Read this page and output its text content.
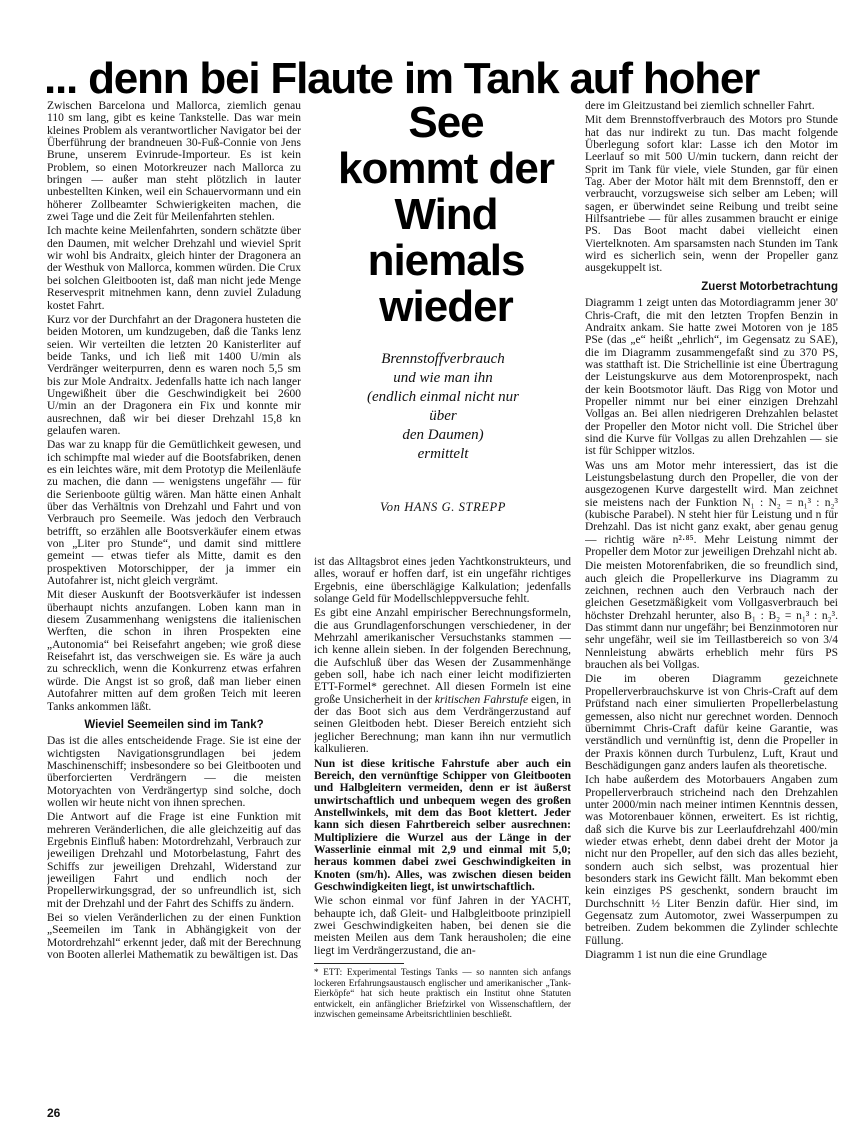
... denn bei Flaute im Tank auf hoher
See
kommt der
Wind
niemals
wieder
Brennstoffverbrauch
und wie man ihn
(endlich einmal nicht nur
über
den Daumen)
ermittelt
Von HANS G. STREPP

Zwischen Barcelona und Mallorca, ziemlich genau 110 sm lang, gibt es keine Tankstelle. Das war mein kleines Problem als verantwortlicher Navigator bei der Überführung der brandneuen 30-Fuß-Connie von Jens Brune, unserem Evinrude-Importeur. Es ist kein Problem, so einen Motorkreuzer nach Mallorca zu bringen — außer man steht plötzlich in lauter unbestellten Kinken, weil ein Schauervormann und ein höherer Zollbeamter Schwierigkeiten machen, die zwei Tage und die Zeit für Meilenfahrten stehlen.

Ich machte keine Meilenfahrten, sondern schätzte über den Daumen, mit welcher Drehzahl und wieviel Sprit wir wohl bis Andraitx, gleich hinter der Dragonera an der Westhuk von Mallorca, kommen würden. Die Crux bei solchen Gleitbooten ist, daß man nicht jede Menge Reservesprit mitnehmen kann, denn zuviel Zuladung kostet Fahrt.

Kurz vor der Durchfahrt an der Dragonera husteten die beiden Motoren, um kundzugeben, daß die Tanks lenz seien. Wir verteilten die letzten 20 Kanisterliter auf beide Tanks, und ich ließ mit 1400 U/min als Verdränger weiterpurren, denn es waren noch 5,5 sm bis zur Mole Andraitx. Jedenfalls hatte ich nach langer Ungewißheit über die Geschwindigkeit bei 2600 U/min an der Dragonera ein Fix und konnte mir ausrechnen, daß wir bei dieser Drehzahl 15,8 kn gelaufen waren.

Das war zu knapp für die Gemütlichkeit gewesen, und ich schimpfte mal wieder auf die Bootsfabriken, denen es ein leichtes wäre, mit dem Prototyp die Meilenläufe zu machen, die dann — wenigstens ungefähr — für die Serienboote gültig wären. Man hätte einen Anhalt über das Verhältnis von Drehzahl und Fahrt und von Verbrauch pro Seemeile. Was jedoch den Verbrauch betrifft, so erzählen alle Bootsverkäufer einem etwas von „Liter pro Stunde“, und damit sind mittlere gemeint — etwas tiefer als Mitte, damit es den prospektiven Motorschipper, der ja immer ein Autofahrer ist, nicht gleich vergrämt.

Mit dieser Auskunft der Bootsverkäufer ist indessen überhaupt nichts anzufangen. Loben kann man in diesem Zusammenhang wenigstens die italienischen Werften, die schon in ihren Prospekten eine „Autonomia“ bei Reisefahrt angeben; wie groß diese Reisefahrt ist, das verschweigen sie. Es wäre ja auch zu schrecklich, wenn die Konkurrenz etwas erfahren würde. Die Angst ist so groß, daß man lieber einen Autofahrer mitten auf dem großen Teich mit leeren Tanks ankommen läßt.

Wieviel Seemeilen sind im Tank?

Das ist die alles entscheidende Frage. Sie ist eine der wichtigsten Navigationsgrundlagen bei jedem Maschinenschiff; insbesondere so bei Gleitbooten und überforcierten Verdrängern — die meisten Motoryachten von Verdrängertyp sind solche, doch wollen wir heute nicht von ihnen sprechen.

Die Antwort auf die Frage ist eine Funktion mit mehreren Veränderlichen, die alle gleichzeitig auf das Ergebnis Einfluß haben: Motordrehzahl, Verbrauch zur jeweiligen Drehzahl und Motorbelastung, Fahrt des Schiffs zur jeweiligen Drehzahl, Widerstand zur jeweiligen Fahrt und endlich noch der Propellerwirkungsgrad, der so unfreundlich ist, sich mit der Drehzahl und der Fahrt des Schiffs zu ändern.

Bei so vielen Veränderlichen zu der einen Funktion „Seemeilen im Tank in Abhängigkeit von der Motordrehzahl“ erkennt jeder, daß mit der Berechnung von Booten allerlei Mathematik zu bewältigen ist. Das

ist das Alltagsbrot eines jeden Yachtkonstrukteurs, und alles, worauf er hoffen darf, ist ein ungefähr richtiges Ergebnis, eine überschlägige Kalkulation; jedenfalls solange Geld für Modellschleppversuche fehlt.

Es gibt eine Anzahl empirischer Berechnungsformeln, die aus Grundlagenforschungen verschiedener, in der Mehrzahl amerikanischer Versuchstanks stammen — ich kenne allein sieben. In der folgenden Berechnung, die Aufschluß über das Wesen der Zusammenhänge geben soll, habe ich nach einer leicht modifizierten ETT-Formel* gerechnet. All diesen Formeln ist eine große Unsicherheit in der kritischen Fahrstufe eigen, in der das Boot sich aus dem Verdrängerzustand auf seinen Gleitboden hebt. Dieser Bereich entzieht sich jeglicher Berechnung; man kann ihn nur vermutlich kalkulieren.

Nun ist diese kritische Fahrstufe aber auch ein Bereich, den vernünftige Schipper von Gleitbooten und Halbgleitern vermeiden, denn er ist äußerst unwirtschaftlich und unbequem wegen des großen Anstellwinkels, mit dem das Boot klettert. Jeder kann sich diesen Fahrtbereich selber ausrechnen: Multipliziere die Wurzel aus der Länge in der Wasserlinie einmal mit 2,9 und einmal mit 5,0; heraus kommen dabei zwei Geschwindigkeiten in Knoten (sm/h). Alles, was zwischen diesen beiden Geschwindigkeiten liegt, ist unwirtschaftlich.

Wie schon einmal vor fünf Jahren in der YACHT, behaupte ich, daß Gleit- und Halbgleitboote prinzipiell zwei Geschwindigkeiten haben, bei denen sie die meisten Meilen aus dem Tank herausholen; die eine liegt im Verdrängerzustand, die an-

* ETT: Experimental Testings Tanks — so nannten sich anfangs lockeren Erfahrungsaustausch englischer und amerikanischer „Tank-Eierköpfe“ hat sich heute praktisch ein Institut ohne Statuten entwickelt, ein anfänglicher Briefzirkel von Wissenschaftlern, der inzwischen gemeinsame Arbeitsrichtlinien beschließt.

dere im Gleitzustand bei ziemlich schneller Fahrt.

Mit dem Brennstoffverbrauch des Motors pro Stunde hat das nur indirekt zu tun. Das macht folgende Überlegung sofort klar: Lasse ich den Motor im Leerlauf so mit 500 U/min tuckern, dann reicht der Sprit im Tank für viele, viele Stunden, gar für einen Tag. Aber der Motor hält mit dem Brennstoff, den er verbraucht, vorzugsweise sich selber am Leben; will sagen, er überwindet seine Reibung und treibt seine Hilfsantriebe — für alles zusammen braucht er einige PS. Das Boot macht dabei vielleicht einen Viertelknoten. Am sparsamsten nach Stunden im Tank wird es sicherlich sein, wenn der Propeller ganz ausgekuppelt ist.

Zuerst Motorbetrachtung

Diagramm 1 zeigt unten das Motordiagramm jener 30' Chris-Craft, die mit den letzten Tropfen Benzin in Andraitx ankam. Sie hatte zwei Motoren von je 185 PSe (das „e“ heißt „ehrlich“, im Gegensatz zu SAE), die im Diagramm zusammengefaßt sind zu 370 PS, was statthaft ist. Die Strichellinie ist eine Übertragung der Leistungskurve aus dem Motorenprospekt, nach der kein Bootsmotor läuft. Das Rigg von Motor und Propeller nimmt nur bei einer einzigen Drehzahl Vollgas an. Bei allen niedrigeren Drehzahlen belastet der Propeller den Motor nicht voll. Die Strichel über sind die Kurve für Vollgas zu allen Drehzahlen — sie ist für Schipper witzlos.

Was uns am Motor mehr interessiert, das ist die Leistungsbelastung durch den Propeller, die von der ausgezogenen Kurve dargestellt wird. Man zeichnet sie meistens nach der Funktion N₁ : N₂ = n₁³ : n₂³ (kubische Parabel). N steht hier für Leistung und n für Drehzahl. Das ist nicht ganz exakt, aber genau genug — richtig wäre n²·⁸⁵. Mehr Leistung nimmt der Propeller dem Motor zur jeweiligen Drehzahl nicht ab.

Die meisten Motorenfabriken, die so freundlich sind, auch gleich die Propellerkurve ins Diagramm zu zeichnen, rechnen auch den Verbrauch nach der gleichen Gesetzmäßigkeit vom Vollgasverbrauch bei höchster Drehzahl herunter, also B₁ : B₂ = n₁³ : n₂³. Das stimmt dann nur ungefähr; bei Benzinmotoren nur sehr ungefähr, weil sie im Teillastbereich so von 3/4 Nennleistung abwärts erheblich mehr fürs PS brauchen als bei Vollgas.

Die im oberen Diagramm gezeichnete Propellerverbrauchskurve ist von Chris-Craft auf dem Prüfstand nach einer simulierten Propellerbelastung gemessen, also nicht nur gerechnet worden. Dennoch übernimmt Chris-Craft dafür keine Garantie, was verständlich und vernünftig ist, denn die Propeller in der Praxis können durch Turbulenz, Luft, Kraut und Beschädigungen ganz anders laufen als theoretische.

Ich habe außerdem des Motorbauers Angaben zum Propellerverbrauch stricheind nach den Drehzahlen unter 2000/min nach meiner intimen Kenntnis dessen, was Motorenbauer können, erweitert. Es ist richtig, daß sich die Kurve bis zur Leerlaufdrehzahl 400/min wieder etwas erhebt, denn dabei dreht der Motor ja nicht nur den Propeller, auf den sich das alles bezieht, sondern auch sich selbst, was prozentual hier besonders stark ins Gewicht fällt. Man bekommt eben kein einziges PS geschenkt, sondern braucht im Durchschnitt ½ Liter Benzin dafür. Hier sind, im Gegensatz zum Automotor, zwei Wasserpumpen zu betreiben. Zudem bekommen die Zylinder schlechte Füllung.

Diagramm 1 ist nun die eine Grundlage

26
